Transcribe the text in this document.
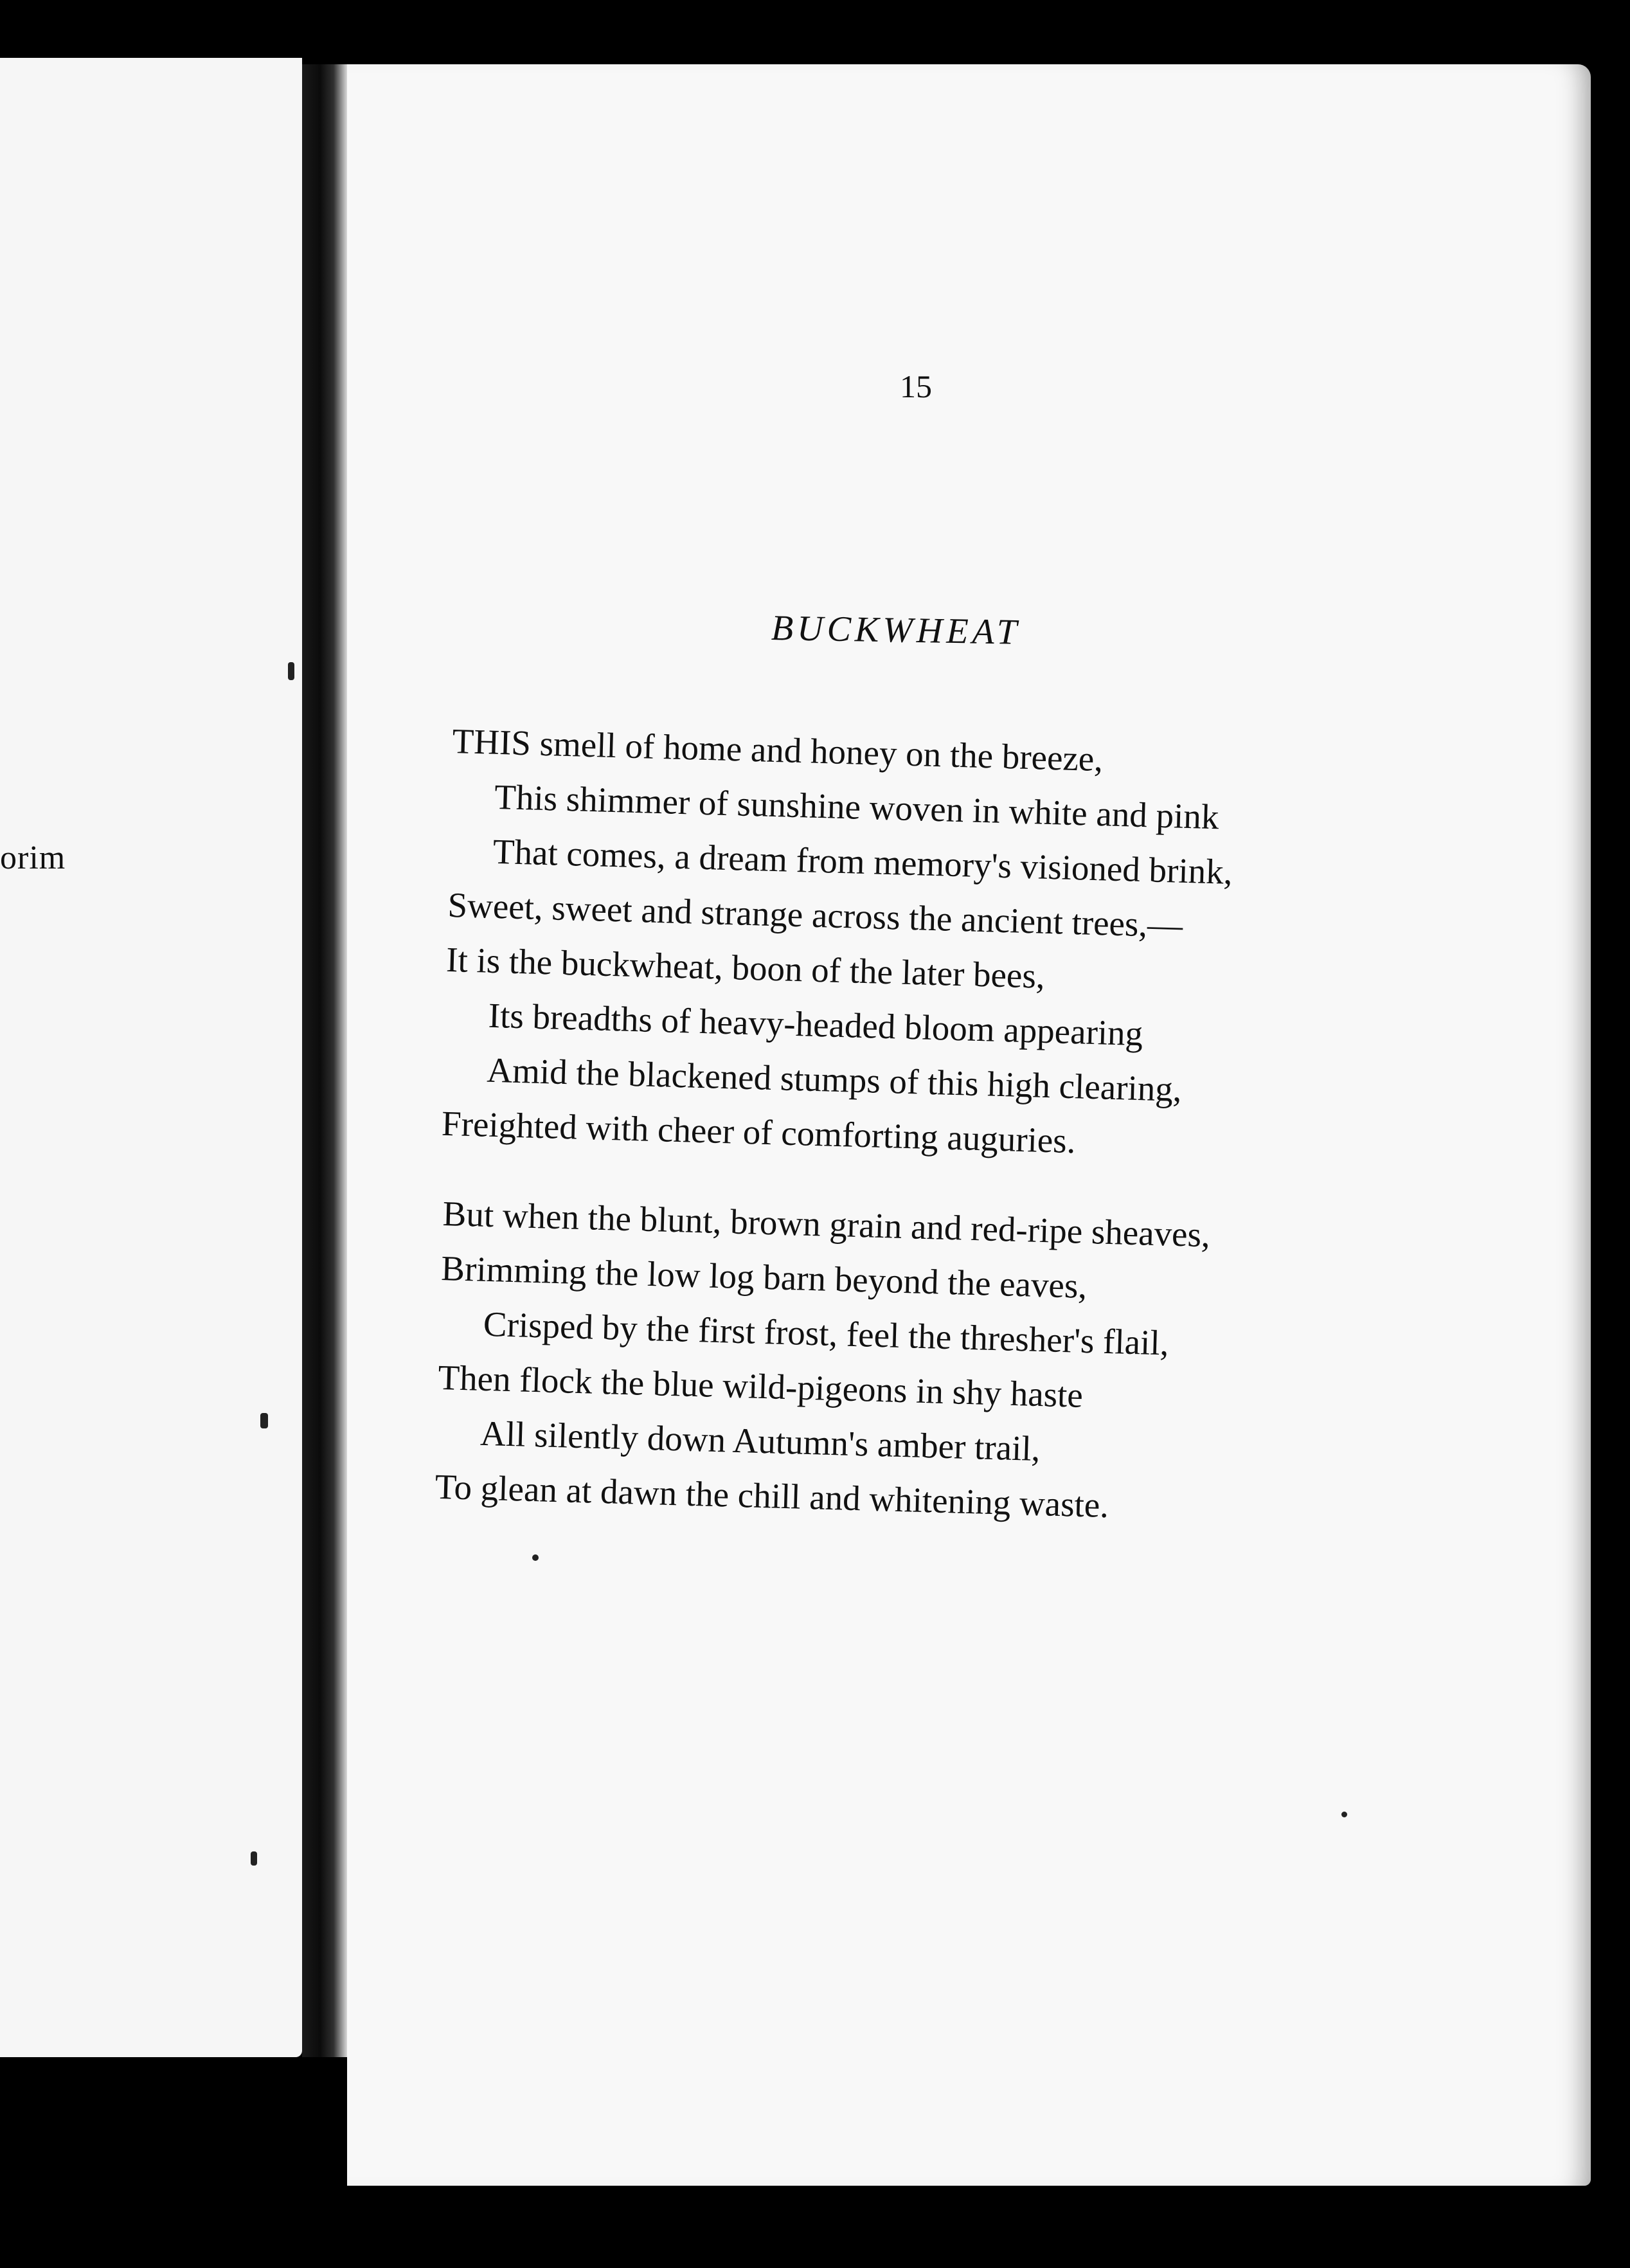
orim
15
BUCKWHEAT
THIS smell of home and honey on the breeze,
This shimmer of sunshine woven in white and pink
That comes, a dream from memory's visioned brink,
Sweet, sweet and strange across the ancient trees,—
It is the buckwheat, boon of the later bees,
Its breadths of heavy-headed bloom appearing
Amid the blackened stumps of this high clearing,
Freighted with cheer of comforting auguries.
But when the blunt, brown grain and red-ripe sheaves,
Brimming the low log barn beyond the eaves,
Crisped by the first frost, feel the thresher's flail,
Then flock the blue wild-pigeons in shy haste
All silently down Autumn's amber trail,
To glean at dawn the chill and whitening waste.
